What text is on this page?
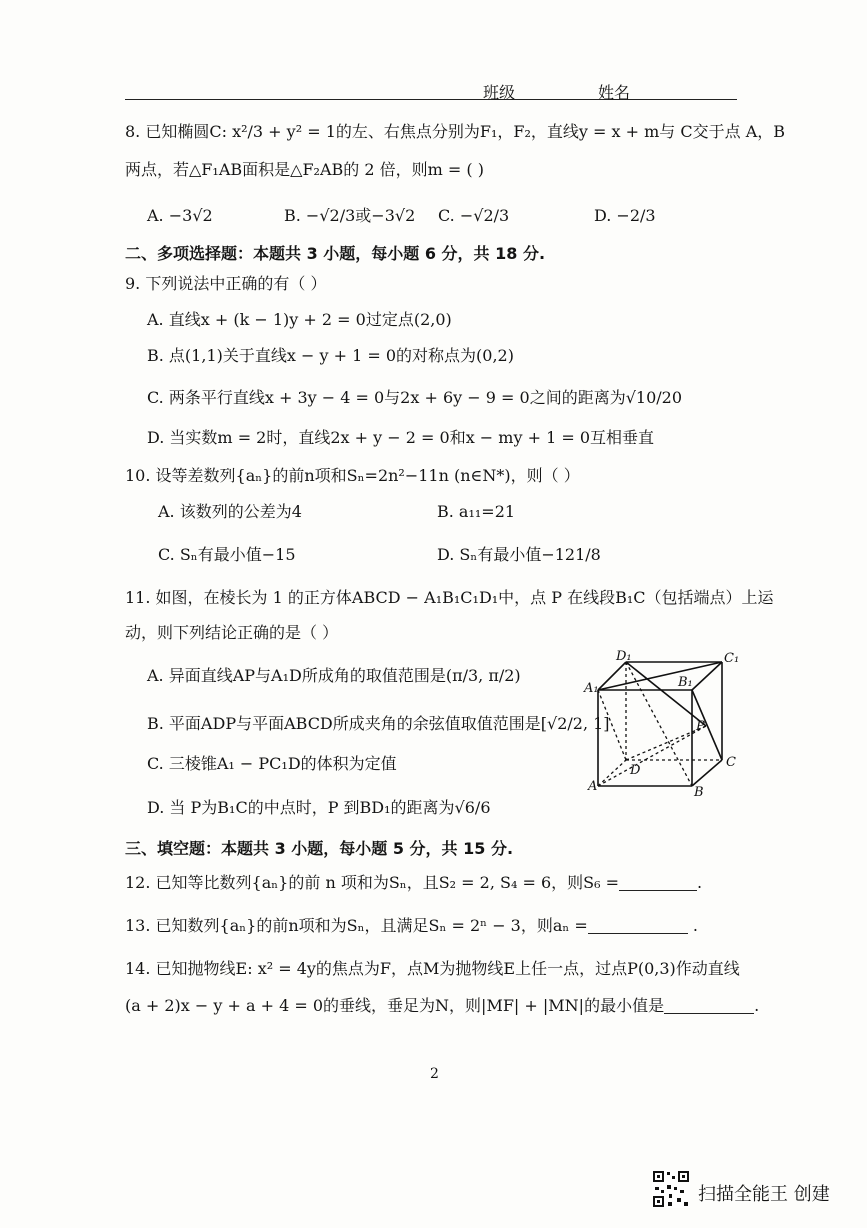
班级	姓名
8. 已知椭圆C: x²/3 + y² = 1的左、右焦点分别为F₁，F₂，直线y = x + m与 C交于点 A，B
两点，若△F₁AB面积是△F₂AB的 2 倍，则m = ( )
A. −3√2	B. −√2/3或−3√2 C. −√2/3	D. −2/3
二、多项选择题：本题共 3 小题，每小题 6 分，共 18 分.
9. 下列说法中正确的有（ ）
A. 直线x + (k − 1)y + 2 = 0过定点(2,0)
B. 点(1,1)关于直线x − y + 1 = 0的对称点为(0,2)
C. 两条平行直线x + 3y − 4 = 0与2x + 6y − 9 = 0之间的距离为√10/20
D. 当实数m = 2时，直线2x + y − 2 = 0和x − my + 1 = 0互相垂直
10. 设等差数列{aₙ}的前n项和Sₙ=2n²−11n (n∈N*)，则（ ）
A. 该数列的公差为4	B. a₁₁=21
C. Sₙ有最小值−15	D. Sₙ有最小值−121/8
11. 如图，在棱长为 1 的正方体ABCD − A₁B₁C₁D₁中，点 P 在线段B₁C（包括端点）上运
动，则下列结论正确的是（ ）
A. 异面直线AP与A₁D所成角的取值范围是(π/3, π/2)
B. 平面ADP与平面ABCD所成夹角的余弦值取值范围是[√2/2, 1]
C. 三棱锥A₁ − PC₁D的体积为定值
D. 当 P为B₁C的中点时，P 到BD₁的距离为√6/6
D₁	C₁
A₁	B₁
P
D
C
A	B
三、填空题：本题共 3 小题，每小题 5 分，共 15 分.
12. 已知等比数列{aₙ}的前 n 项和为Sₙ，且S₂ = 2, S₄ = 6，则S₆ =	.
13. 已知数列{aₙ}的前n项和为Sₙ，且满足Sₙ = 2ⁿ − 3，则aₙ =	.
14. 已知抛物线E: x² = 4y的焦点为F，点M为抛物线E上任一点，过点P(0,3)作动直线
(a + 2)x − y + a + 4 = 0的垂线，垂足为N，则|MF| + |MN|的最小值是	.
2
扫描全能王 创建
